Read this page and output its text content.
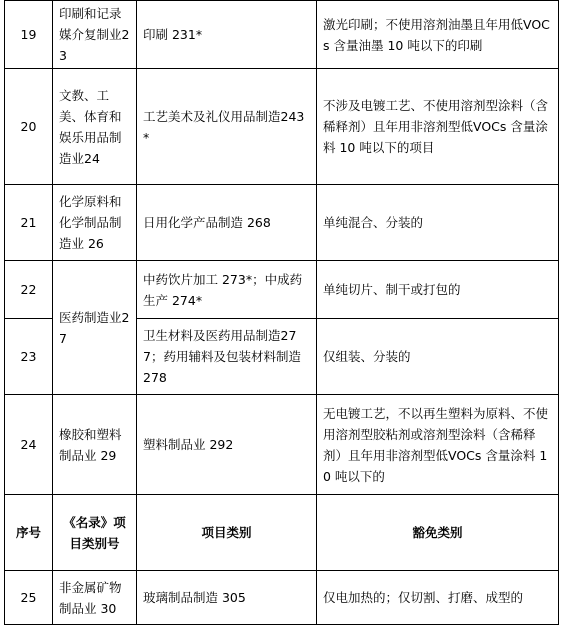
19	印刷和记录媒介复制业23	印刷 231*	激光印刷；不使用溶剂油墨且年用低VOCs 含量油墨 10 吨以下的印刷
20	文教、工美、体育和娱乐用品制造业24	工艺美术及礼仪用品制造243*	不涉及电镀工艺、不使用溶剂型涂料（含稀释剂）且年用非溶剂型低VOCs 含量涂料 10 吨以下的项目
21	化学原料和化学制品制造业 26	日用化学产品制造 268	单纯混合、分装的
22	医药制造业27	中药饮片加工 273*；中成药生产 274*	单纯切片、制干或打包的
23		卫生材料及医药用品制造277；药用辅料及包装材料制造 278	仅组装、分装的
24	橡胶和塑料制品业 29	塑料制品业 292	无电镀工艺，不以再生塑料为原料、不使用溶剂型胶粘剂或溶剂型涂料（含稀释剂）且年用非溶剂型低VOCs 含量涂料 10 吨以下的
序号	《名录》项目类别号	项目类别	豁免类别
25	非金属矿物制品业 30	玻璃制品制造 305	仅电加热的；仅切割、打磨、成型的
